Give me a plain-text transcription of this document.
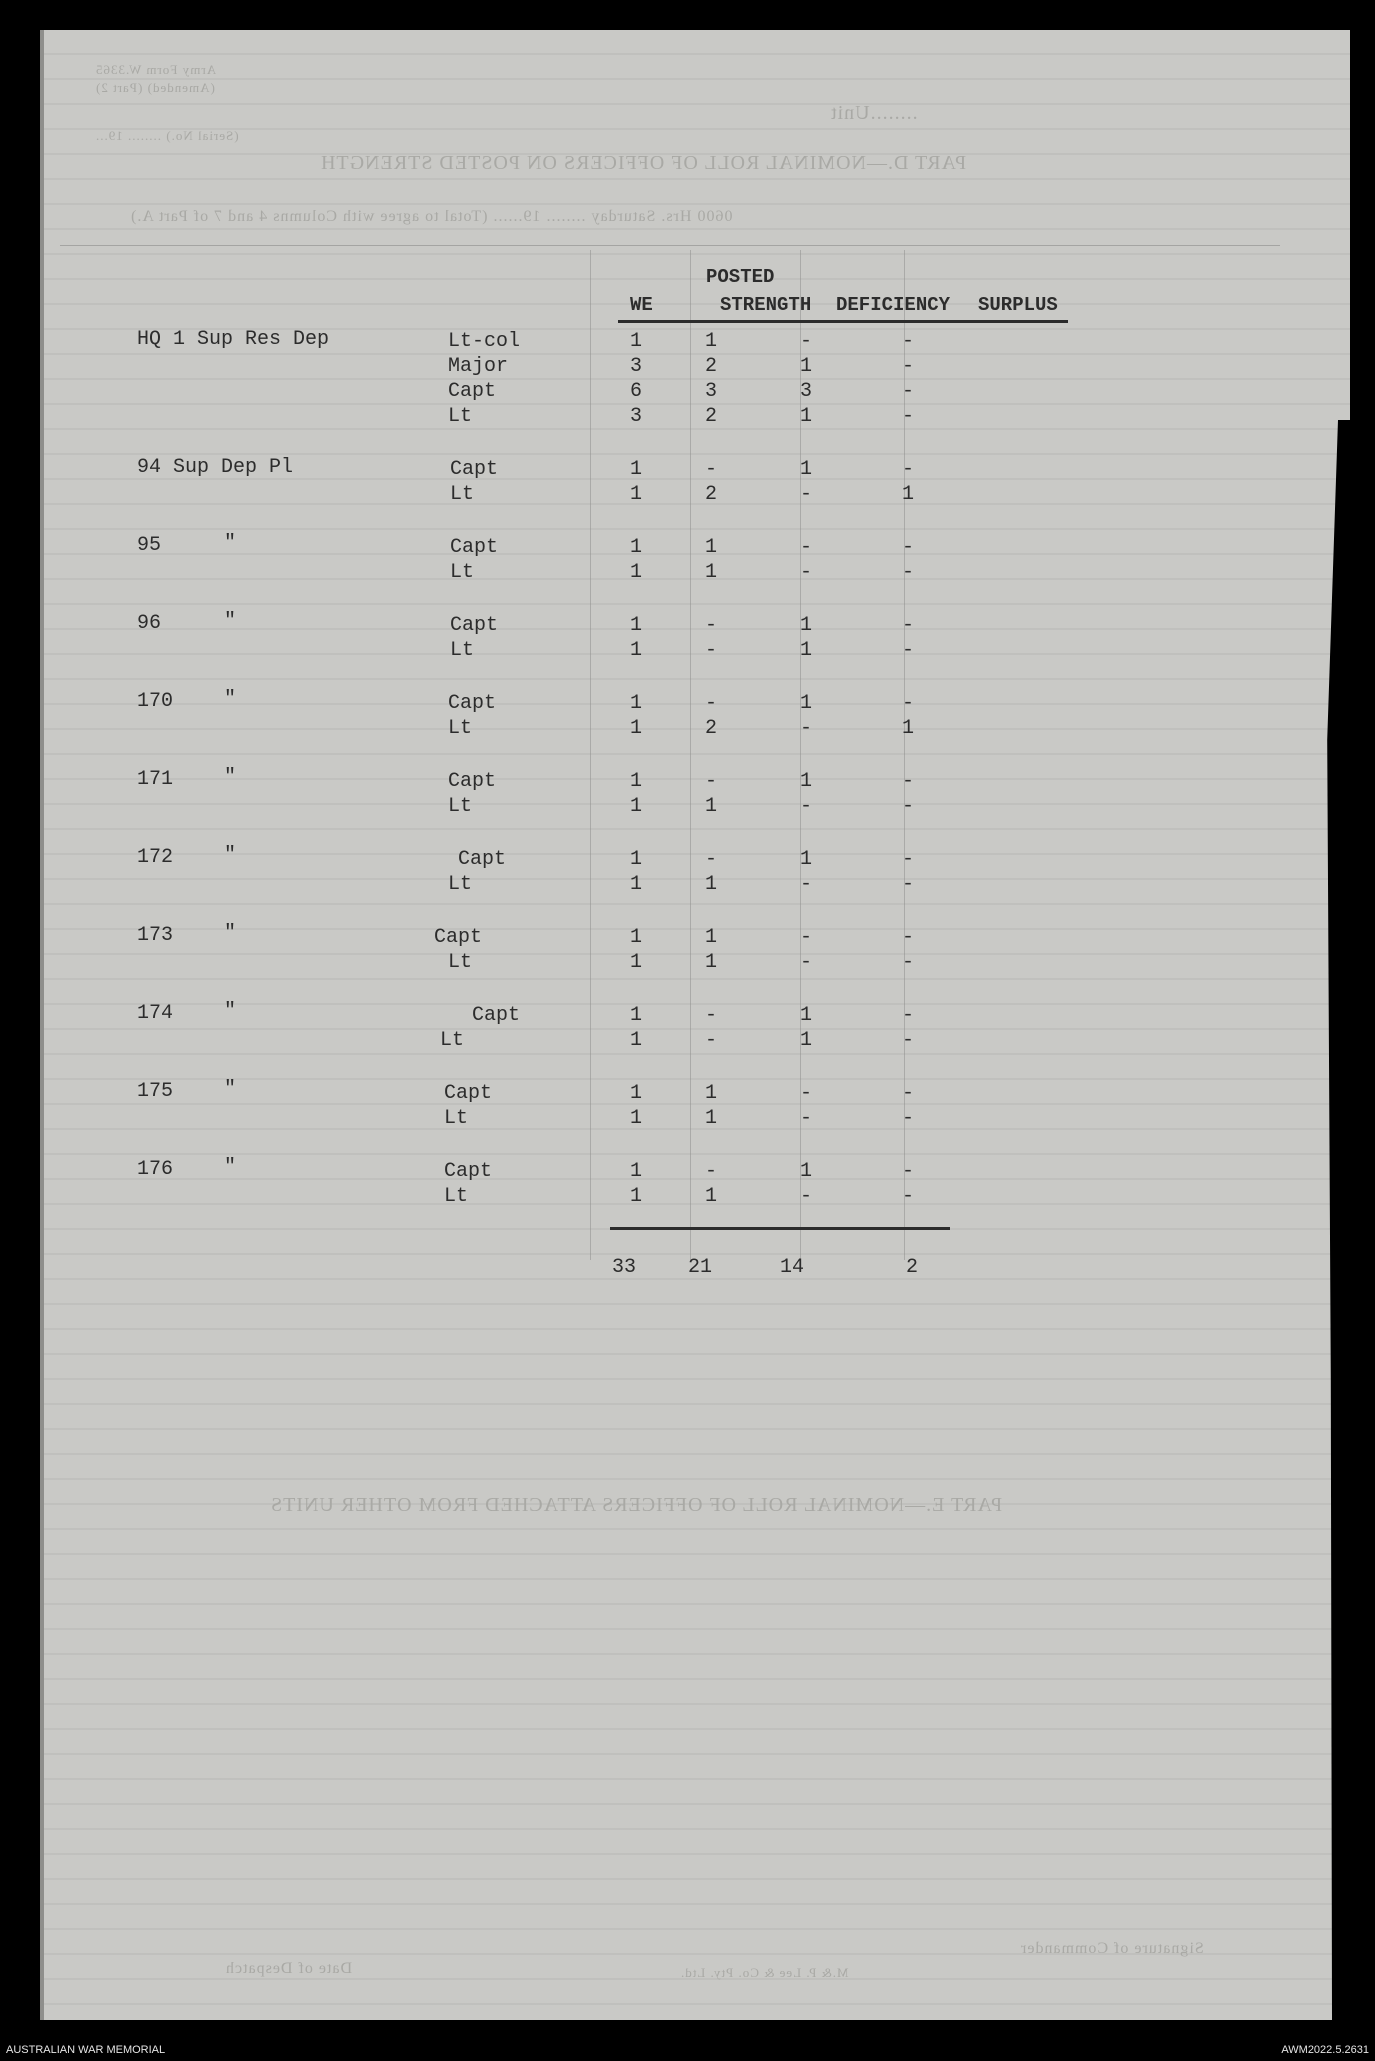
Army Form W.3365
(Amended) (Part 2)
(Serial No.) ........ 19...
........Unit
PART D.—NOMINAL ROLL OF OFFICERS ON POSTED STRENGTH
0600 Hrs. Saturday ........ 19...... (Total to agree with Columns 4 and 7 of Part A.)
PART E.—NOMINAL ROLL OF OFFICERS ATTACHED FROM OTHER UNITS
Signature of Commander
Date of Despatch	M.& P. Lee & Co. Pty. Ltd.
POSTED
WE	STRENGTH DEFICIENCY SURPLUS
HQ 1 Sup Res Dep	Lt-col	1	1	-	-
Major	3	2	1	-
Capt	6	3	3	-
Lt	3	2	1	-
94 Sup Dep Pl	Capt	1	-	1	-
Lt	1	2	-	1
95	"	Capt	1	1	-	-
Lt	1	1	-	-
96	"	Capt	1	-	1	-
Lt	1	-	1	-
170	"	Capt	1	-	1	-
Lt	1	2	-	1
171	"	Capt	1	-	1	-
Lt	1	1	-	-
172	"	Capt	1	-	1	-
Lt	1	1	-	-
173	"	Capt	1	1	-	-
Lt	1	1	-	-
174	"	Capt	1	-	1	-
Lt	1	-	1	-
175	"	Capt	1	1	-	-
Lt	1	1	-	-
176	"	Capt	1	-	1	-
Lt	1	1	-	-
33	21	14	2
AUSTRALIAN WAR MEMORIAL	AWM2022.5.2631
